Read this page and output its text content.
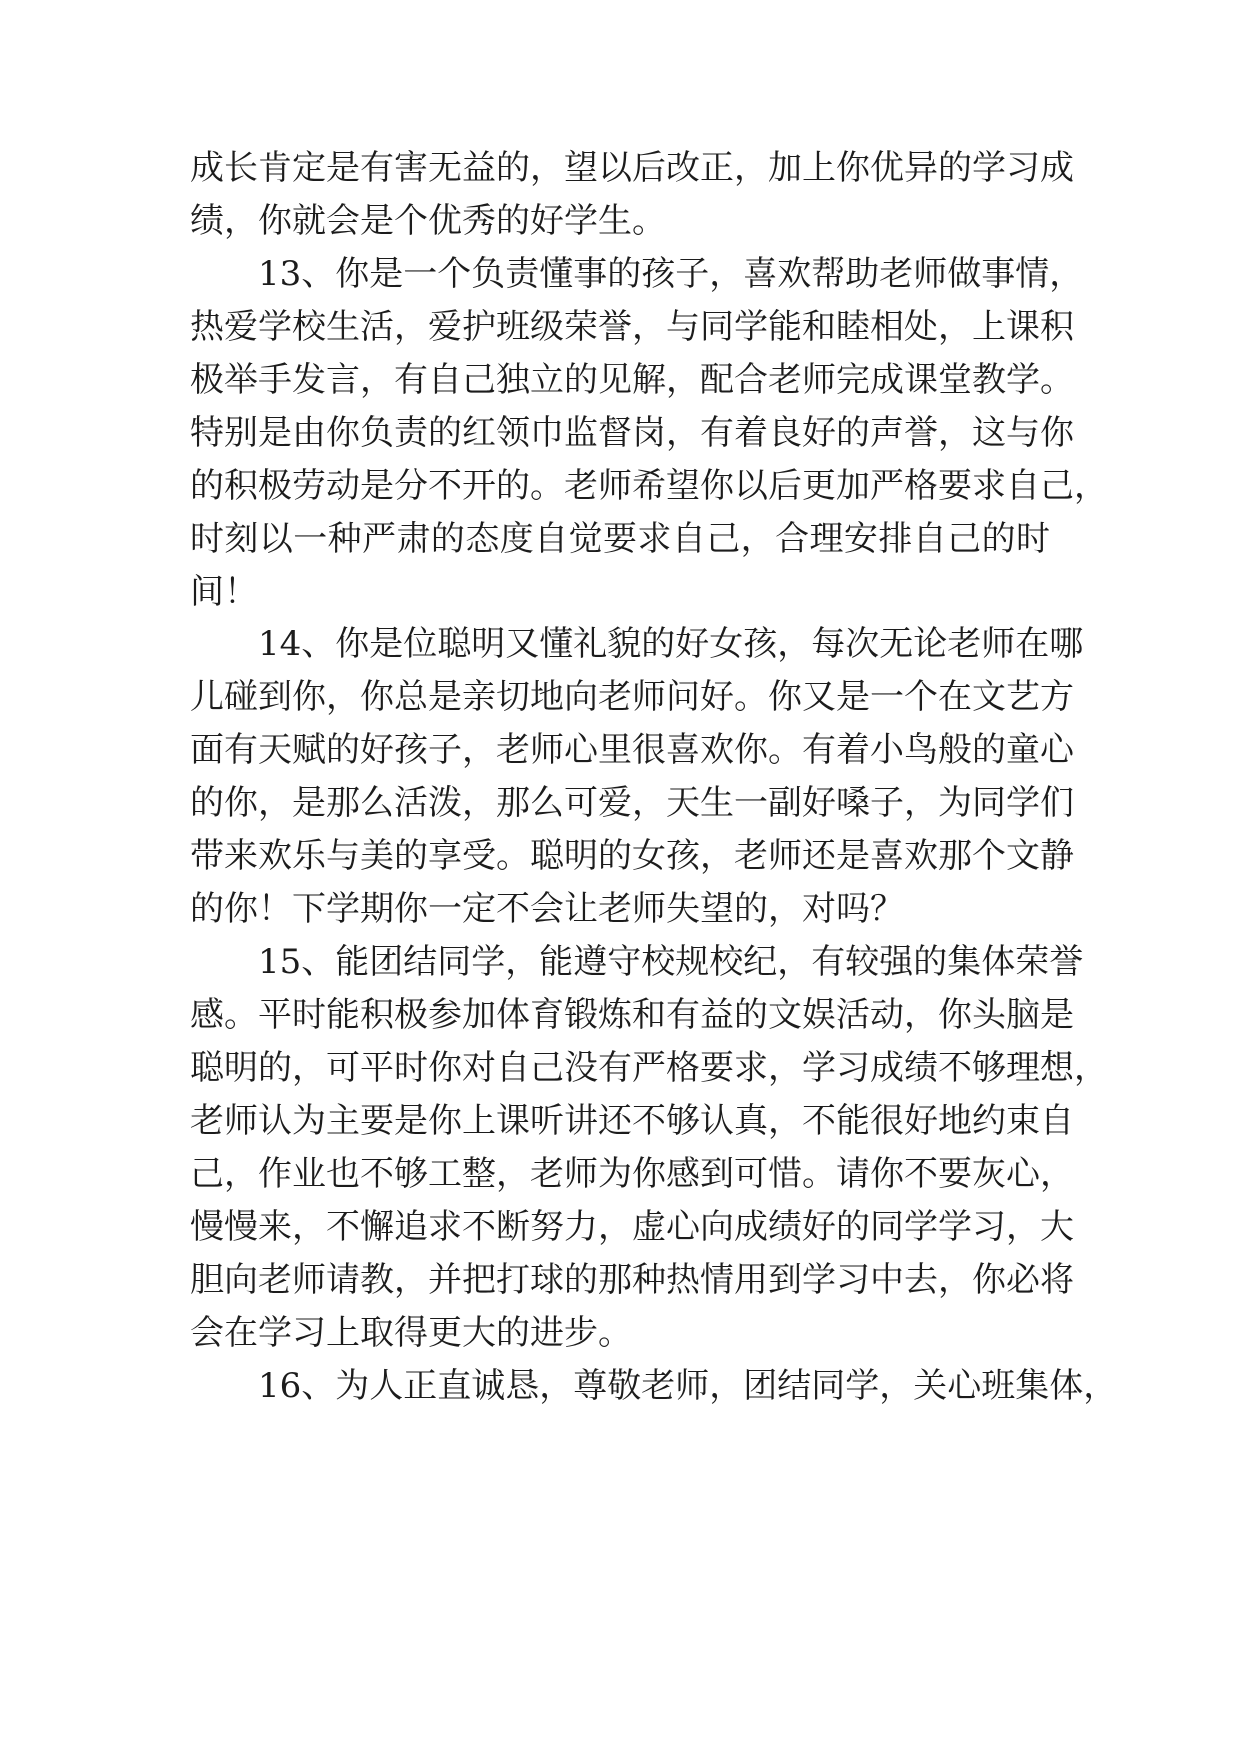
成长肯定是有害无益的，望以后改正，加上你优异的学习成
绩，你就会是个优秀的好学生。
13、你是一个负责懂事的孩子，喜欢帮助老师做事情，
热爱学校生活，爱护班级荣誉，与同学能和睦相处，上课积
极举手发言，有自己独立的见解，配合老师完成课堂教学。
特别是由你负责的红领巾监督岗，有着良好的声誉，这与你
的积极劳动是分不开的。老师希望你以后更加严格要求自己，
时刻以一种严肃的态度自觉要求自己，合理安排自己的时
间！
14、你是位聪明又懂礼貌的好女孩，每次无论老师在哪
儿碰到你，你总是亲切地向老师问好。你又是一个在文艺方
面有天赋的好孩子，老师心里很喜欢你。有着小鸟般的童心
的你，是那么活泼，那么可爱，天生一副好嗓子，为同学们
带来欢乐与美的享受。聪明的女孩，老师还是喜欢那个文静
的你！下学期你一定不会让老师失望的，对吗？
15、能团结同学，能遵守校规校纪，有较强的集体荣誉
感。平时能积极参加体育锻炼和有益的文娱活动，你头脑是
聪明的，可平时你对自己没有严格要求，学习成绩不够理想，
老师认为主要是你上课听讲还不够认真，不能很好地约束自
己，作业也不够工整，老师为你感到可惜。请你不要灰心，
慢慢来，不懈追求不断努力，虚心向成绩好的同学学习，大
胆向老师请教，并把打球的那种热情用到学习中去，你必将
会在学习上取得更大的进步。
16、为人正直诚恳，尊敬老师，团结同学，关心班集体，
